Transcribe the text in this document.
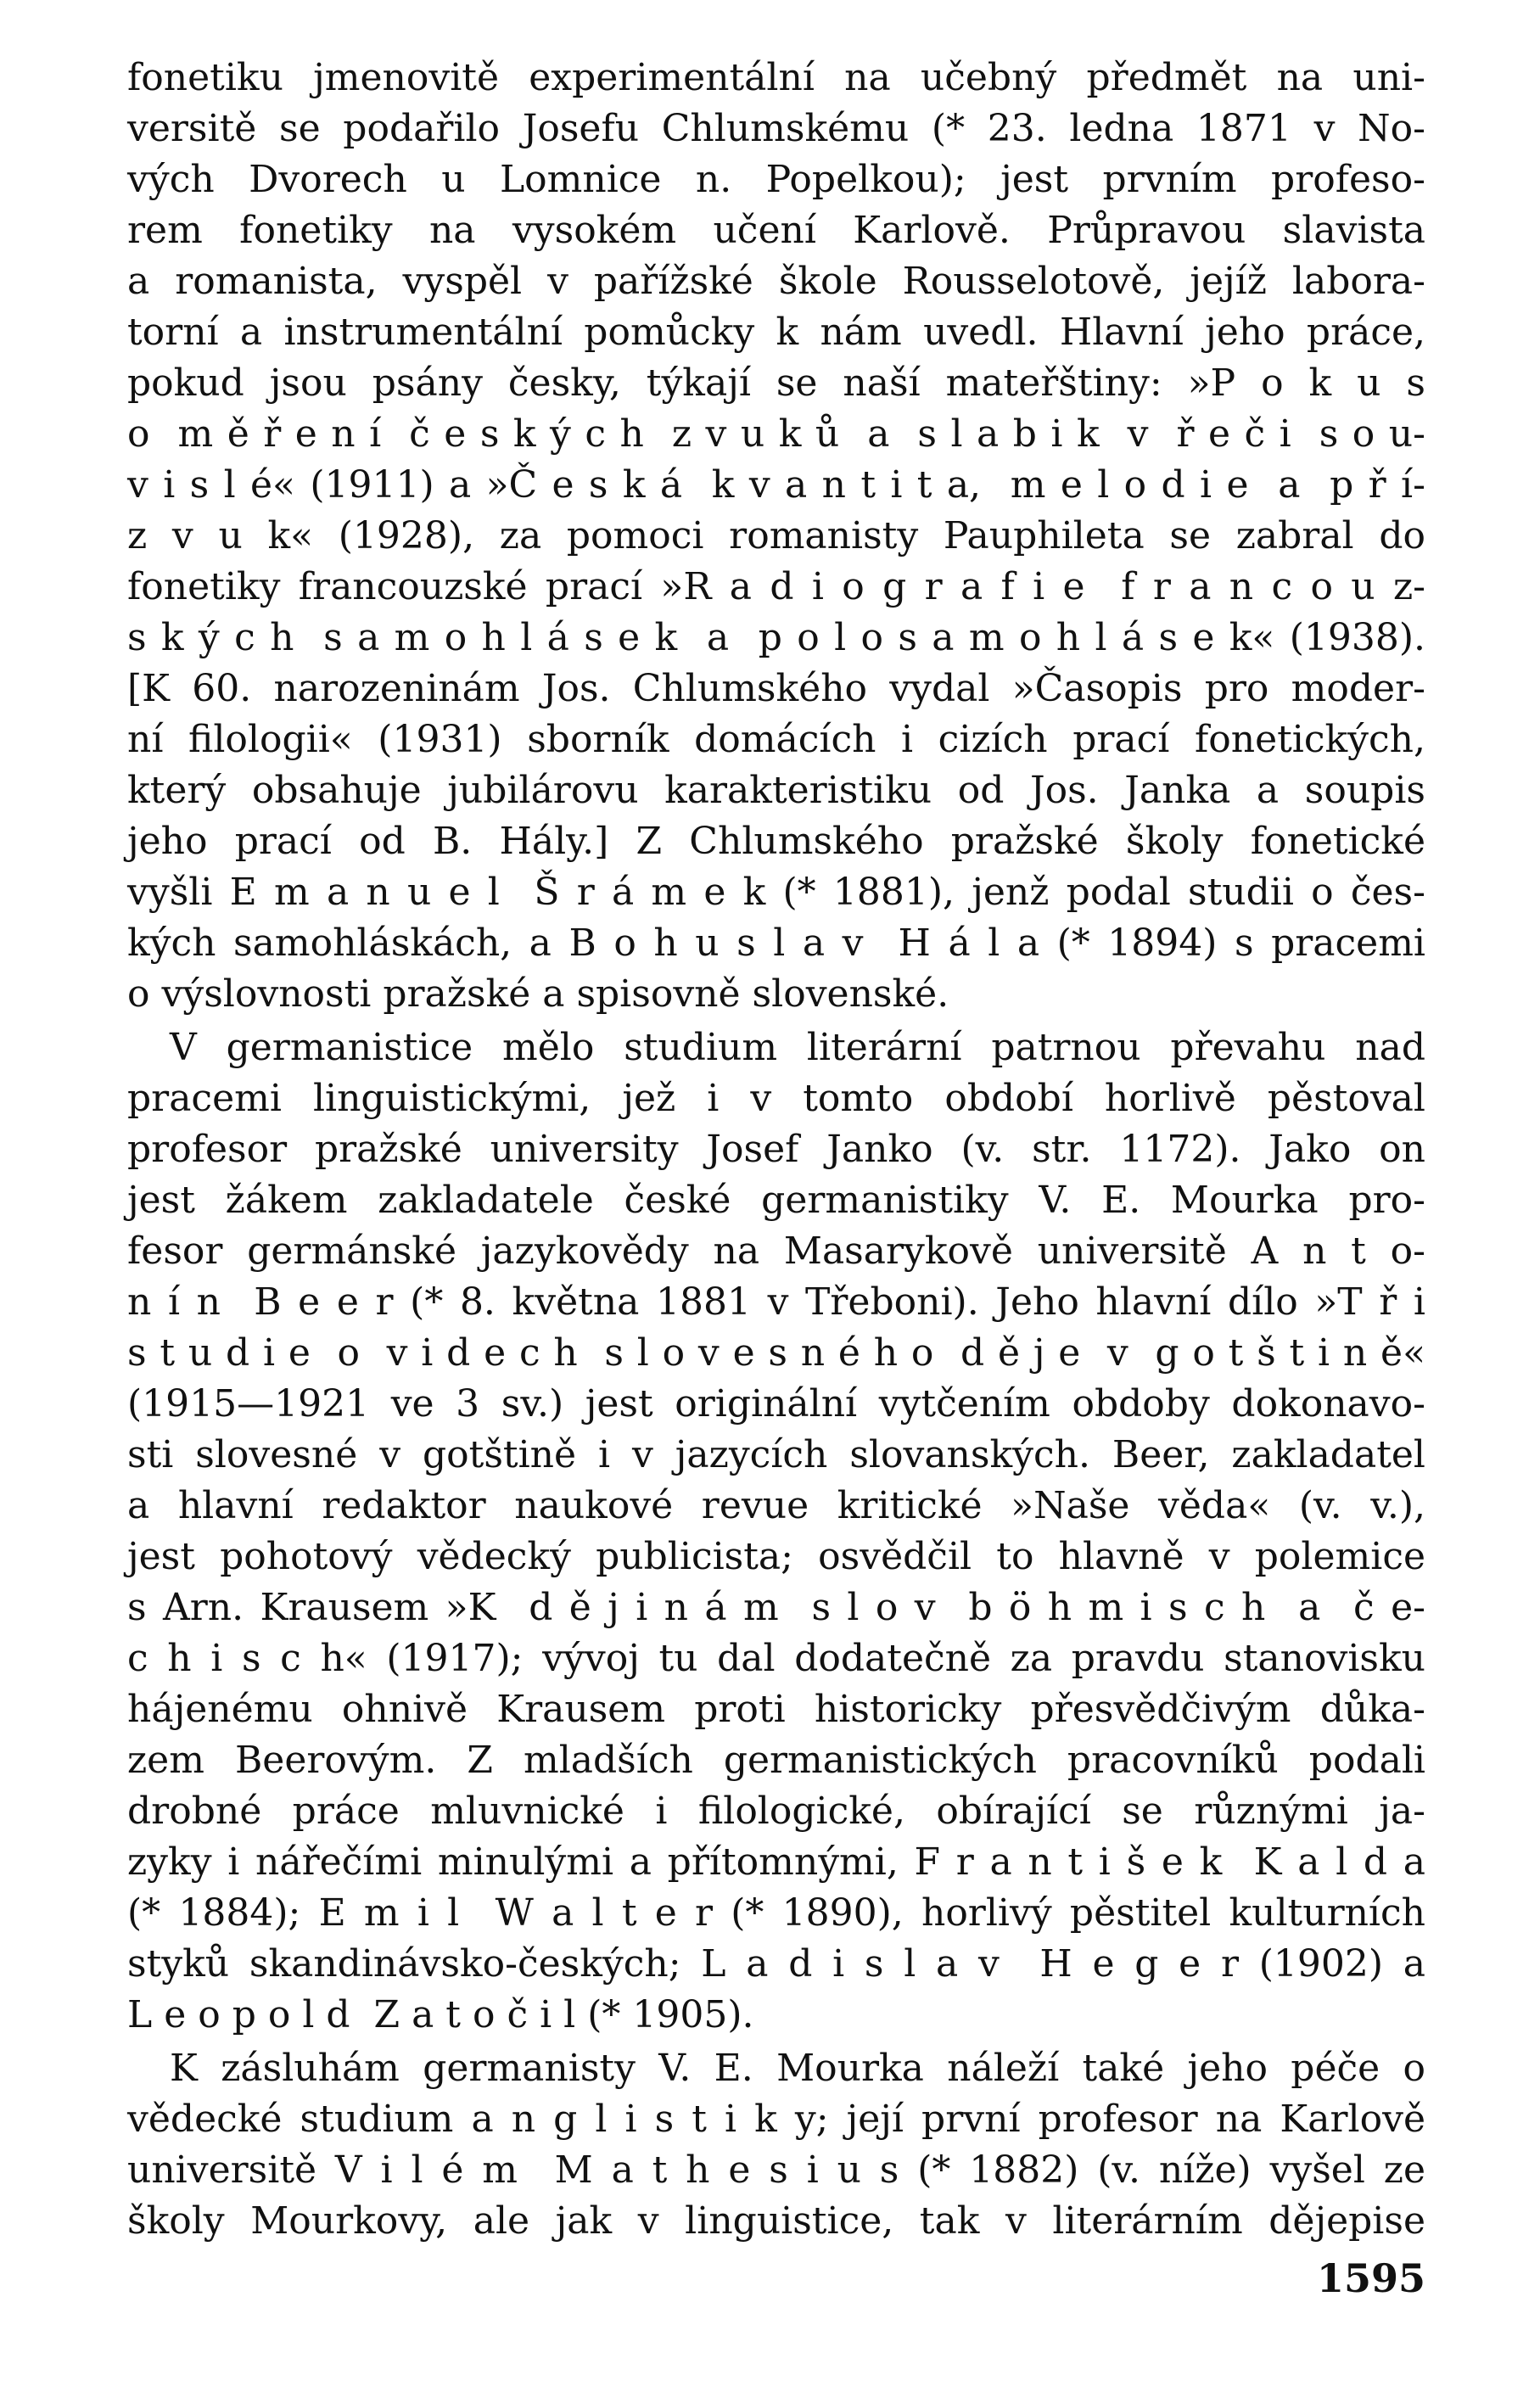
fonetiku jmenovitě experimentální na učebný předmět na uni-
versitě se podařilo Josefu Chlumskému (* 23. ledna 1871 v No-
vých Dvorech u Lomnice n. Popelkou); jest prvním profeso-
rem fonetiky na vysokém učení Karlově. Průpravou slavista
a romanista, vyspěl v pařížské škole Rousselotově, jejíž labora-
torní a instrumentální pomůcky k nám uvedl. Hlavní jeho práce,
pokud jsou psány česky, týkají se naší mateřštiny: »P o k u s
o  m ě ř e n í  č e s k ý c h  z v u k ů  a  s l a b i k  v  ř e č i  s o u-
v i s l é« (1911) a »Č e s k á  k v a n t i t a,  m e l o d i e  a  p ř í-
z v u k« (1928), za pomoci romanisty Pauphileta se zabral do
fonetiky francouzské prací »R a d i o g r a f i e  f r a n c o u z-
s k ý c h  s a m o h l á s e k  a  p o l o s a m o h l á s e k« (1938).
[K 60. narozeninám Jos. Chlumského vydal »Časopis pro moder-
ní filologii« (1931) sborník domácích i cizích prací fonetických,
který obsahuje jubilárovu karakteristiku od Jos. Janka a soupis
jeho prací od B. Hály.] Z Chlumského pražské školy fonetické
vyšli E m a n u e l  Š r á m e k (* 1881), jenž podal studii o čes-
kých samohláskách, a B o h u s l a v  H á l a (* 1894) s pracemi
o výslovnosti pražské a spisovně slovenské.
V germanistice mělo studium literární patrnou převahu nad
pracemi linguistickými, jež i v tomto období horlivě pěstoval
profesor pražské university Josef Janko (v. str. 1172). Jako on
jest žákem zakladatele české germanistiky V. E. Mourka pro-
fesor germánské jazykovědy na Masarykově universitě A n t o-
n í n  B e e r (* 8. května 1881 v Třeboni). Jeho hlavní dílo »T ř i
s t u d i e  o  v i d e c h  s l o v e s n é h o  d ě j e  v  g o t š t i n ě«
(1915—1921 ve 3 sv.) jest originální vytčením obdoby dokonavo-
sti slovesné v gotštině i v jazycích slovanských. Beer, zakladatel
a hlavní redaktor naukové revue kritické »Naše věda« (v. v.),
jest pohotový vědecký publicista; osvědčil to hlavně v polemice
s Arn. Krausem »K  d ě j i n á m  s l o v  b ö h m i s c h  a  č e-
c h i s c h« (1917); vývoj tu dal dodatečně za pravdu stanovisku
hájenému ohnivě Krausem proti historicky přesvědčivým důka-
zem Beerovým. Z mladších germanistických pracovníků podali
drobné práce mluvnické i filologické, obírající se různými ja-
zyky i nářečími minulými a přítomnými, F r a n t i š e k  K a l d a
(* 1884); E m i l  W a l t e r (* 1890), horlivý pěstitel kulturních
styků skandinávsko-českých; L a d i s l a v  H e g e r (1902) a
L e o p o l d  Z a t o č i l (* 1905).
K zásluhám germanisty V. E. Mourka náleží také jeho péče o
vědecké studium a n g l i s t i k y; její první profesor na Karlově
universitě V i l é m  M a t h e s i u s (* 1882) (v. níže) vyšel ze
školy Mourkovy, ale jak v linguistice, tak v literárním dějepise
1595
